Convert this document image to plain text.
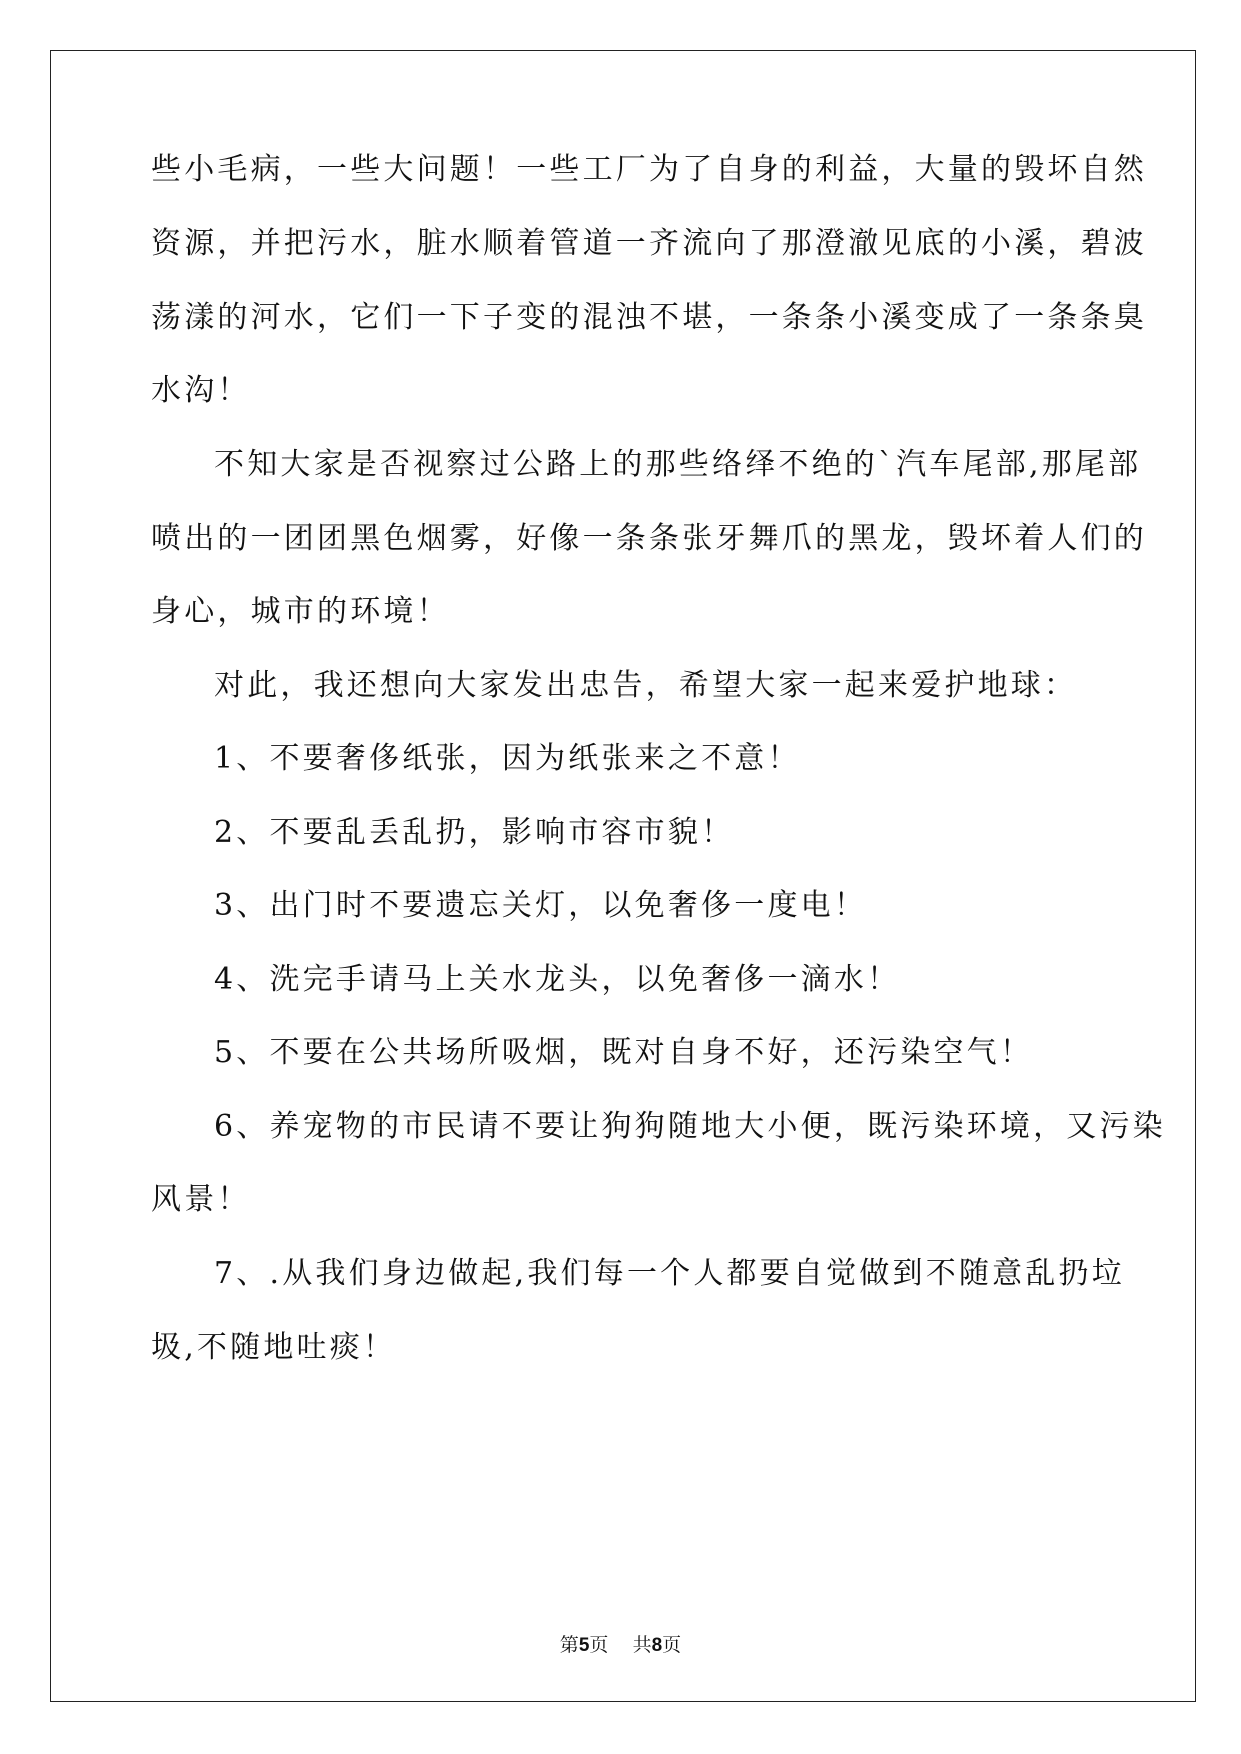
些小毛病，一些大问题！一些工厂为了自身的利益，大量的毁坏自然
资源，并把污水，脏水顺着管道一齐流向了那澄澈见底的小溪，碧波
荡漾的河水，它们一下子变的混浊不堪，一条条小溪变成了一条条臭
水沟！
不知大家是否视察过公路上的那些络绎不绝的`汽车尾部,那尾部
喷出的一团团黑色烟雾，好像一条条张牙舞爪的黑龙，毁坏着人们的
身心，城市的环境！
对此，我还想向大家发出忠告，希望大家一起来爱护地球：
1、不要奢侈纸张，因为纸张来之不意！
2、不要乱丢乱扔，影响市容市貌！
3、出门时不要遗忘关灯，以免奢侈一度电！
4、洗完手请马上关水龙头，以免奢侈一滴水！
5、不要在公共场所吸烟，既对自身不好，还污染空气！
6、养宠物的市民请不要让狗狗随地大小便，既污染环境，又污染
风景！
7、.从我们身边做起,我们每一个人都要自觉做到不随意乱扔垃
圾,不随地吐痰！
第5页 共8页
